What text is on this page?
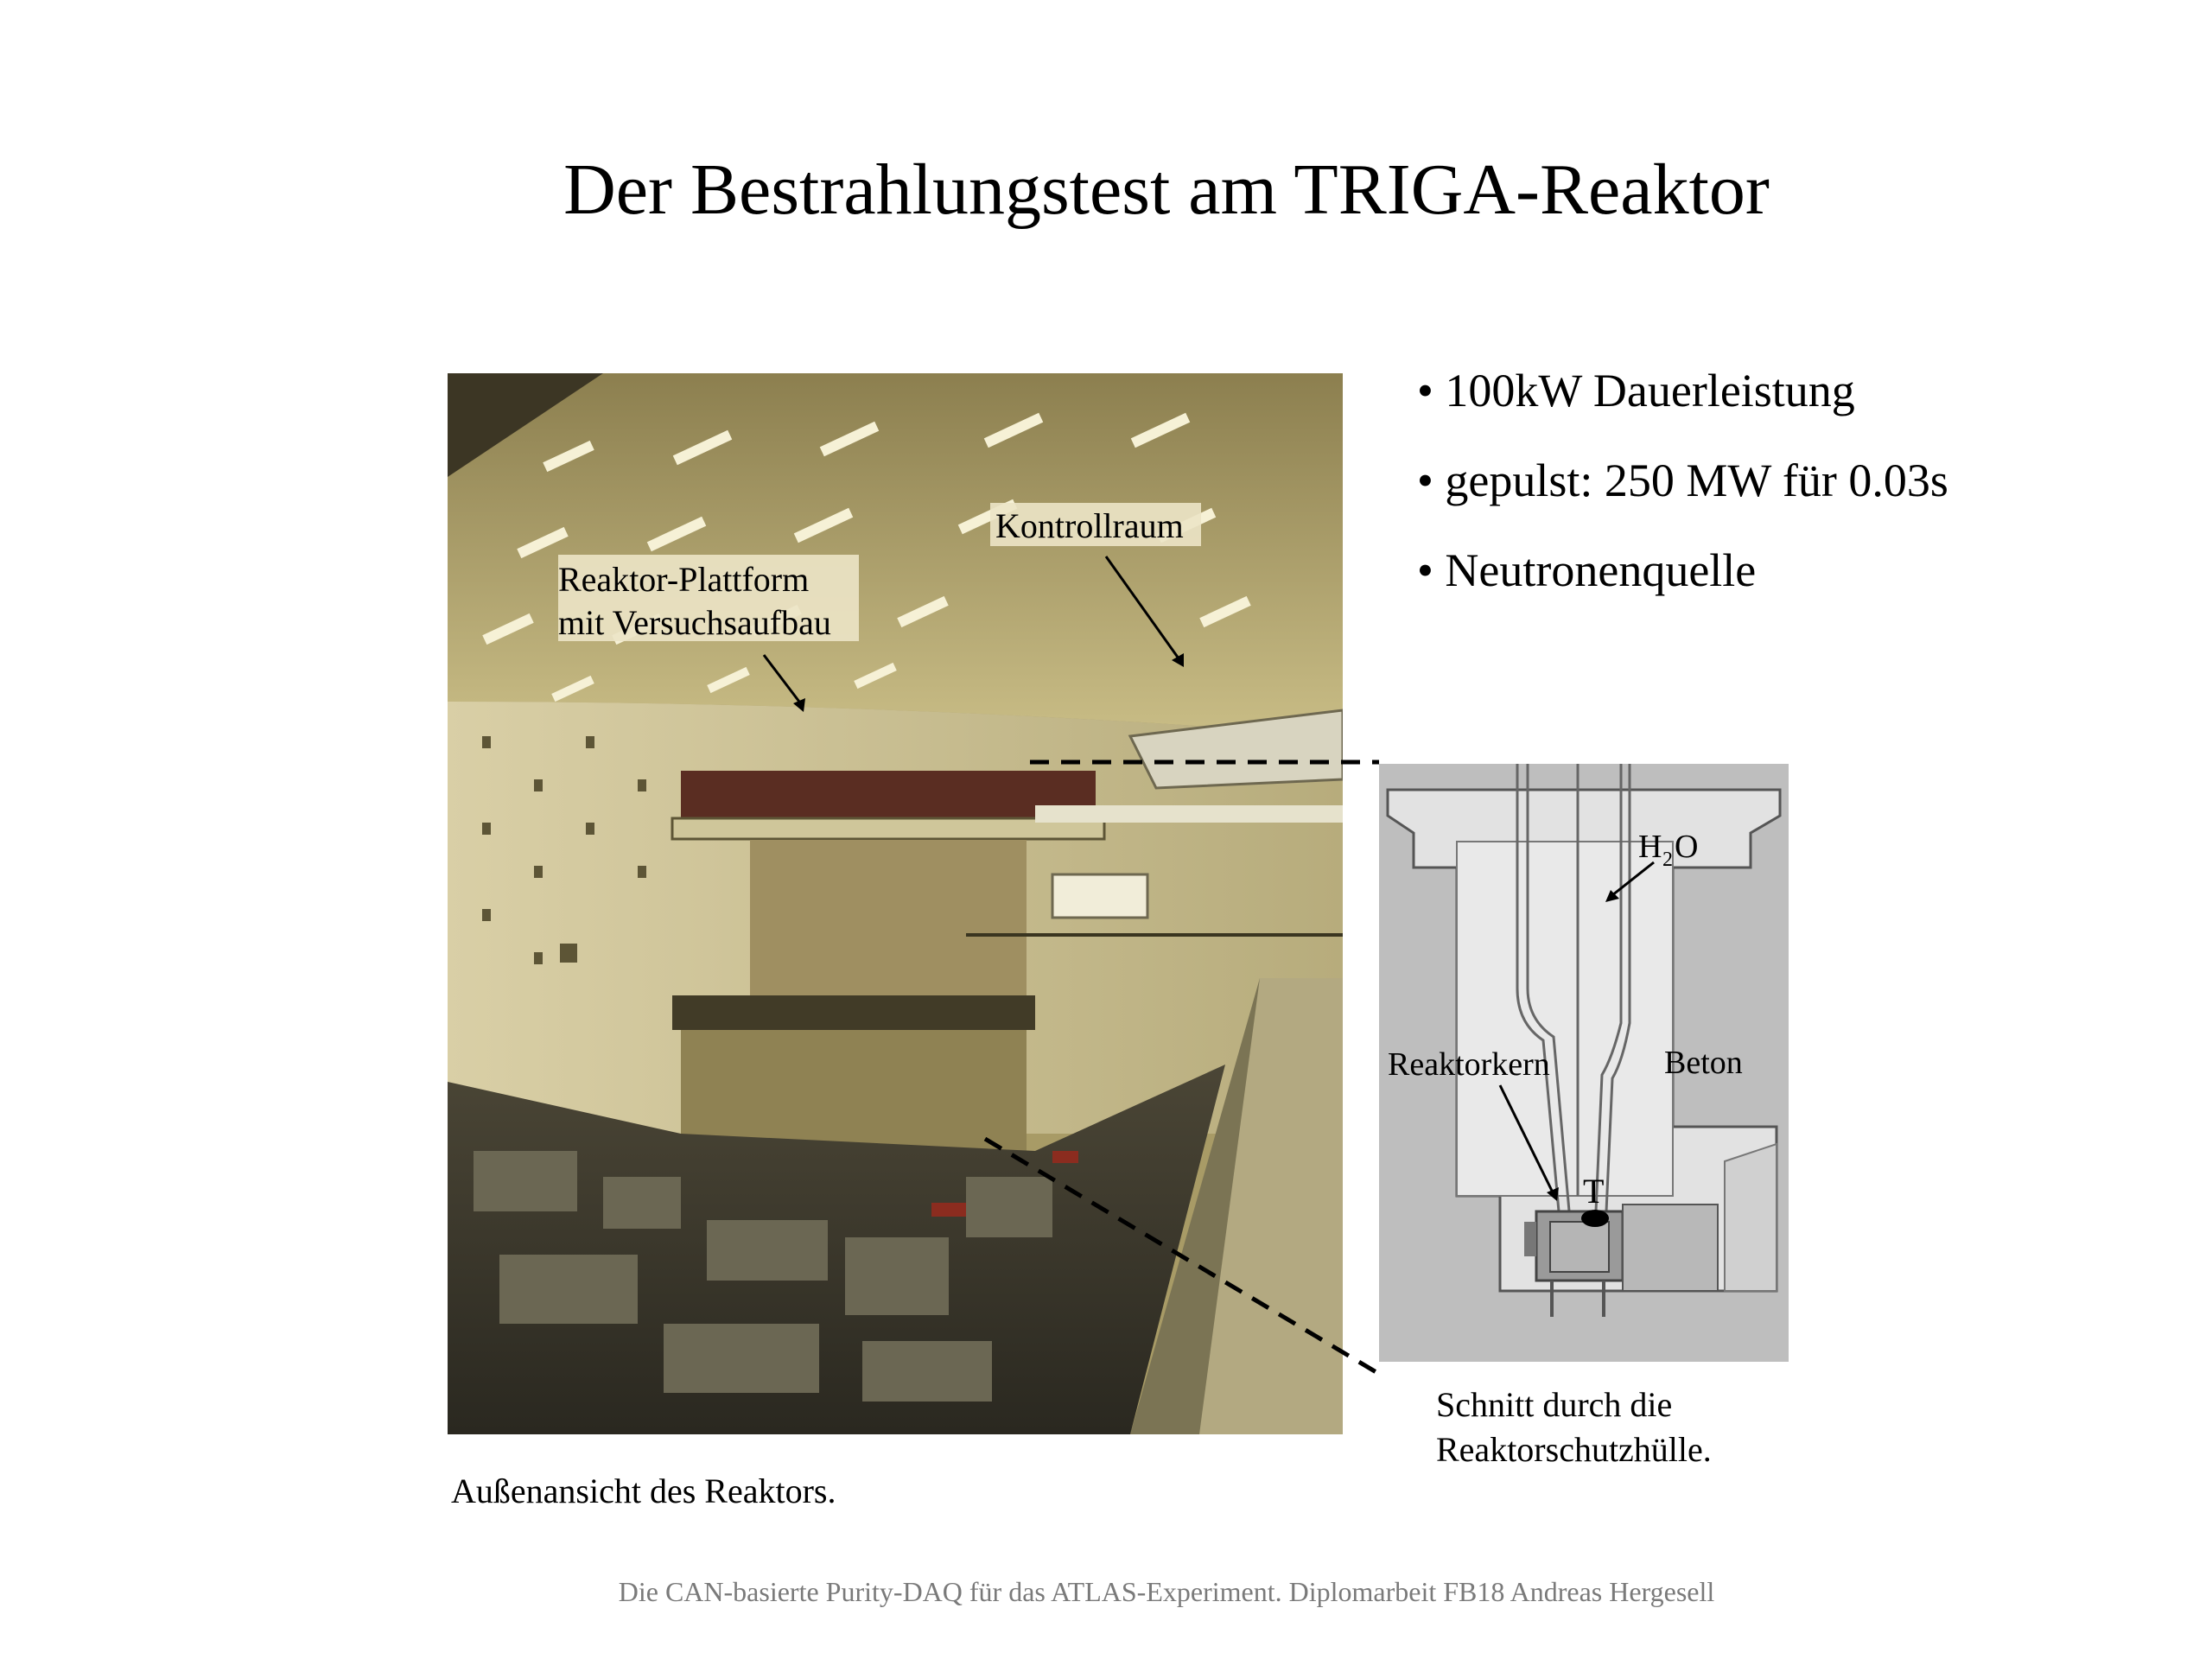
Der Bestrahlungstest am TRIGA-Reaktor
• 100kW Dauerleistung
• gepulst: 250 MW für 0.03s
• Neutronenquelle
Reaktor-Plattform
mit Versuchsaufbau
Kontrollraum
H 2 O
Reaktorkern	Beton
T
Außenansicht des Reaktors.
Schnitt durch die
Reaktorschutzhülle.
Die CAN-basierte Purity-DAQ für das ATLAS-Experiment. Diplomarbeit FB18 Andreas Hergesell
